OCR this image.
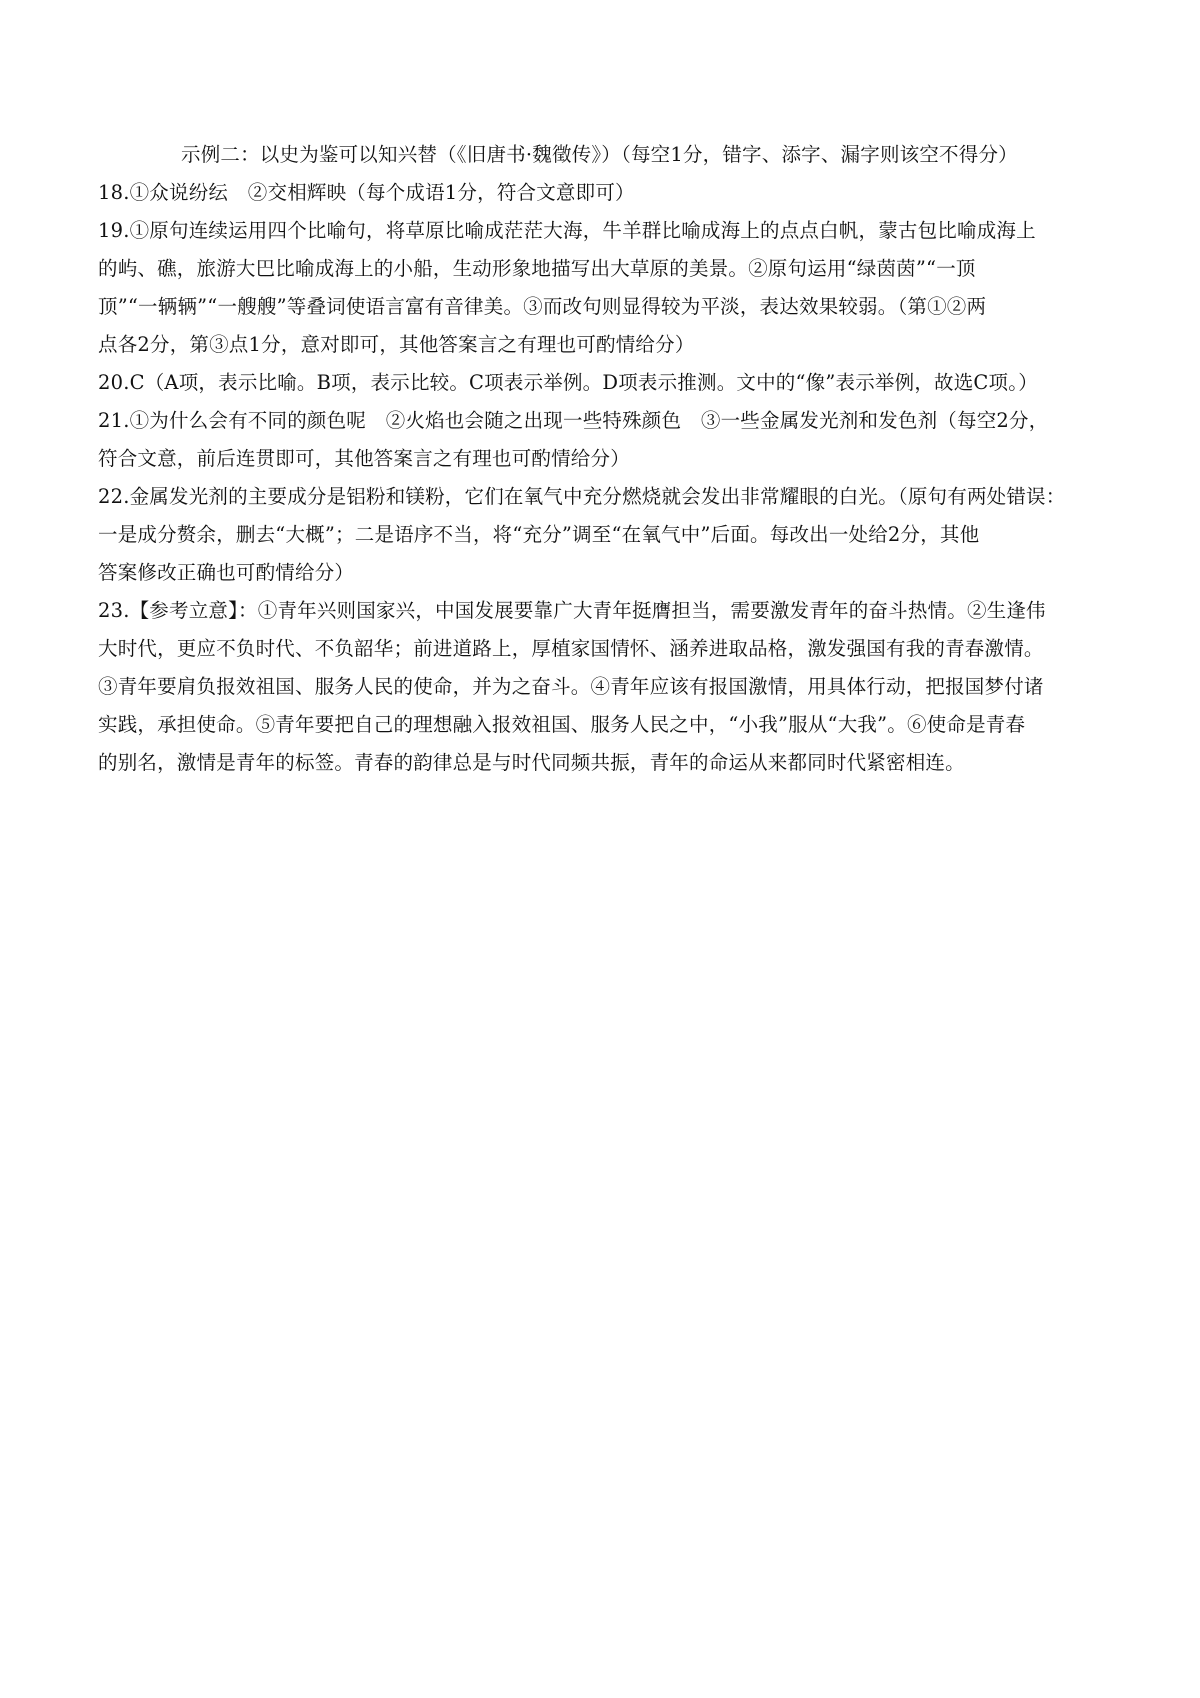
示例二：以史为鉴可以知兴替（《旧唐书·魏徵传》）（每空1分，错字、添字、漏字则该空不得分）

18.①众说纷纭　②交相辉映（每个成语1分，符合文意即可）

19.①原句连续运用四个比喻句，将草原比喻成茫茫大海，牛羊群比喻成海上的点点白帆，蒙古包比喻成海上
的屿、礁，旅游大巴比喻成海上的小船，生动形象地描写出大草原的美景。②原句运用“绿茵茵”“一顶
顶”“一辆辆”“一艘艘”等叠词使语言富有音律美。③而改句则显得较为平淡，表达效果较弱。（第①②两
点各2分，第③点1分，意对即可，其他答案言之有理也可酌情给分）

20.C（A项，表示比喻。B项，表示比较。C项表示举例。D项表示推测。文中的“像”表示举例，故选C项。）

21.①为什么会有不同的颜色呢　②火焰也会随之出现一些特殊颜色　③一些金属发光剂和发色剂（每空2分，
符合文意，前后连贯即可，其他答案言之有理也可酌情给分）

22.金属发光剂的主要成分是铝粉和镁粉，它们在氧气中充分燃烧就会发出非常耀眼的白光。（原句有两处错误：
一是成分赘余，删去“大概”；二是语序不当，将“充分”调至“在氧气中”后面。每改出一处给2分，其他
答案修改正确也可酌情给分）

23.【参考立意】：①青年兴则国家兴，中国发展要靠广大青年挺膺担当，需要激发青年的奋斗热情。②生逢伟
大时代，更应不负时代、不负韶华；前进道路上，厚植家国情怀、涵养进取品格，激发强国有我的青春激情。
③青年要肩负报效祖国、服务人民的使命，并为之奋斗。④青年应该有报国激情，用具体行动，把报国梦付诸
实践，承担使命。⑤青年要把自己的理想融入报效祖国、服务人民之中，“小我”服从“大我”。⑥使命是青春
的别名，激情是青年的标签。青春的韵律总是与时代同频共振，青年的命运从来都同时代紧密相连。
